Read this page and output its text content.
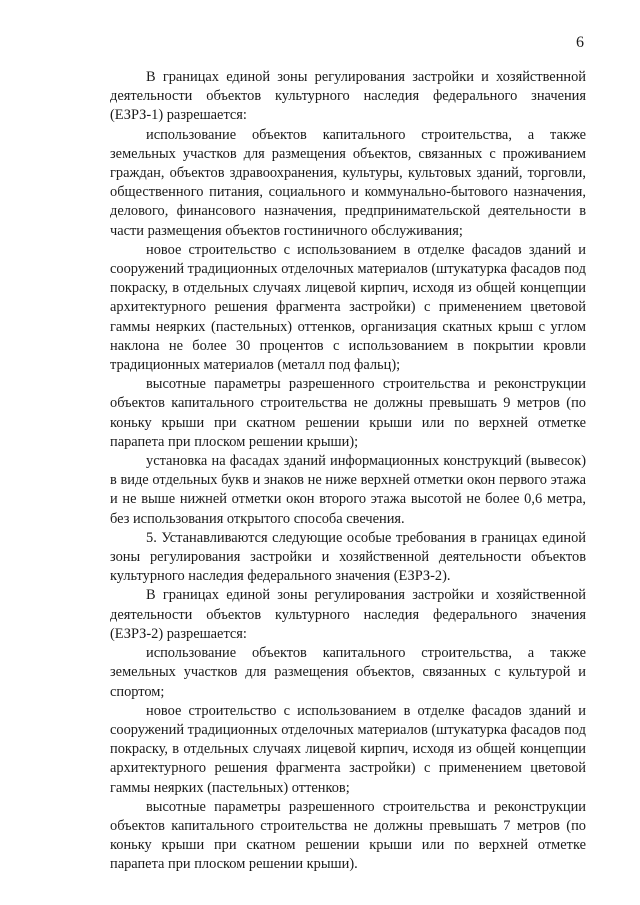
6

В границах единой зоны регулирования застройки и хозяйственной деятельности объектов культурного наследия федерального значения (ЕЗРЗ-1) разрешается:

использование объектов капитального строительства, а также земельных участков для размещения объектов, связанных с проживанием граждан, объектов здравоохранения, культуры, культовых зданий, торговли, общественного питания, социального и коммунально-бытового назначения, делового, финансового назначения, предпринимательской деятельности в части размещения объектов гостиничного обслуживания;

новое строительство с использованием в отделке фасадов зданий и сооружений традиционных отделочных материалов (штукатурка фасадов под покраску, в отдельных случаях лицевой кирпич, исходя из общей концепции архитектурного решения фрагмента застройки) с применением цветовой гаммы неярких (пастельных) оттенков, организация скатных крыш с углом наклона не более 30 процентов с использованием в покрытии кровли традиционных материалов (металл под фальц);

высотные параметры разрешенного строительства и реконструкции объектов капитального строительства не должны превышать 9 метров (по коньку крыши при скатном решении крыши или по верхней отметке парапета при плоском решении крыши);

установка на фасадах зданий информационных конструкций (вывесок) в виде отдельных букв и знаков не ниже верхней отметки окон первого этажа и не выше нижней отметки окон второго этажа высотой не более 0,6 метра, без использования открытого способа свечения.

5. Устанавливаются следующие особые требования в границах единой зоны регулирования застройки и хозяйственной деятельности объектов культурного наследия федерального значения (ЕЗРЗ-2).

В границах единой зоны регулирования застройки и хозяйственной деятельности объектов культурного наследия федерального значения (ЕЗРЗ-2) разрешается:

использование объектов капитального строительства, а также земельных участков для размещения объектов, связанных с культурой и спортом;

новое строительство с использованием в отделке фасадов зданий и сооружений традиционных отделочных материалов (штукатурка фасадов под покраску, в отдельных случаях лицевой кирпич, исходя из общей концепции архитектурного решения фрагмента застройки) с применением цветовой гаммы неярких (пастельных) оттенков;

высотные параметры разрешенного строительства и реконструкции объектов капитального строительства не должны превышать 7 метров (по коньку крыши при скатном решении крыши или по верхней отметке парапета при плоском решении крыши).
